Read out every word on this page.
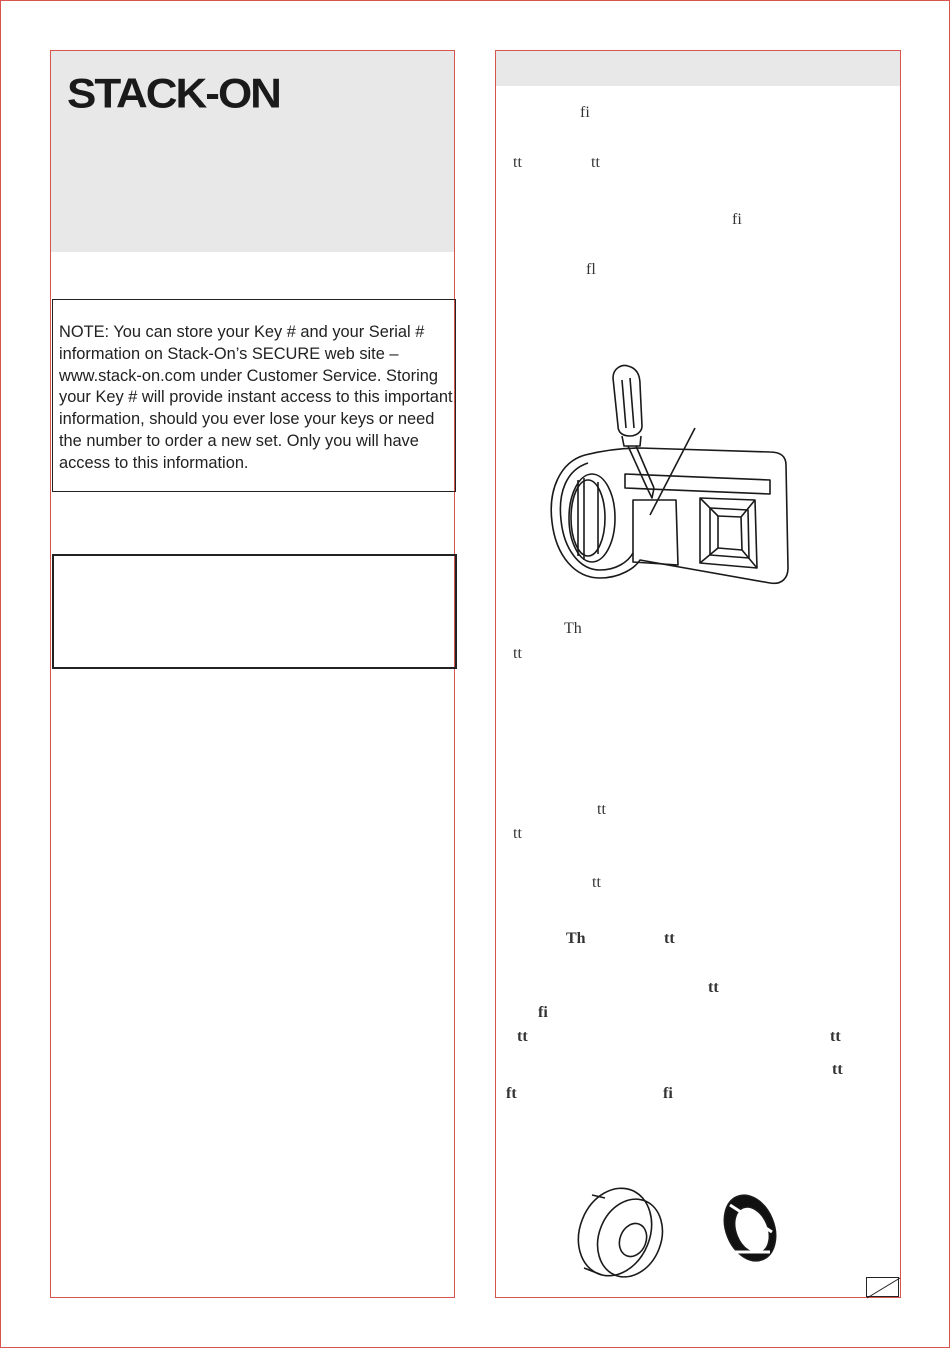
STACK-ON
NOTE: You can store your Key # and your Serial # information on Stack-On’s SECURE web site – www.stack-on.com under Customer Service. Storing your Key # will provide instant access to this important information, should you ever lose your keys or need the number to order a new set. Only you will have access to this information.
fi
tt	tt
fi
fl
Th
tt
tt
tt
tt
Th	tt
tt
fi
tt	tt
tt
ft	fi
